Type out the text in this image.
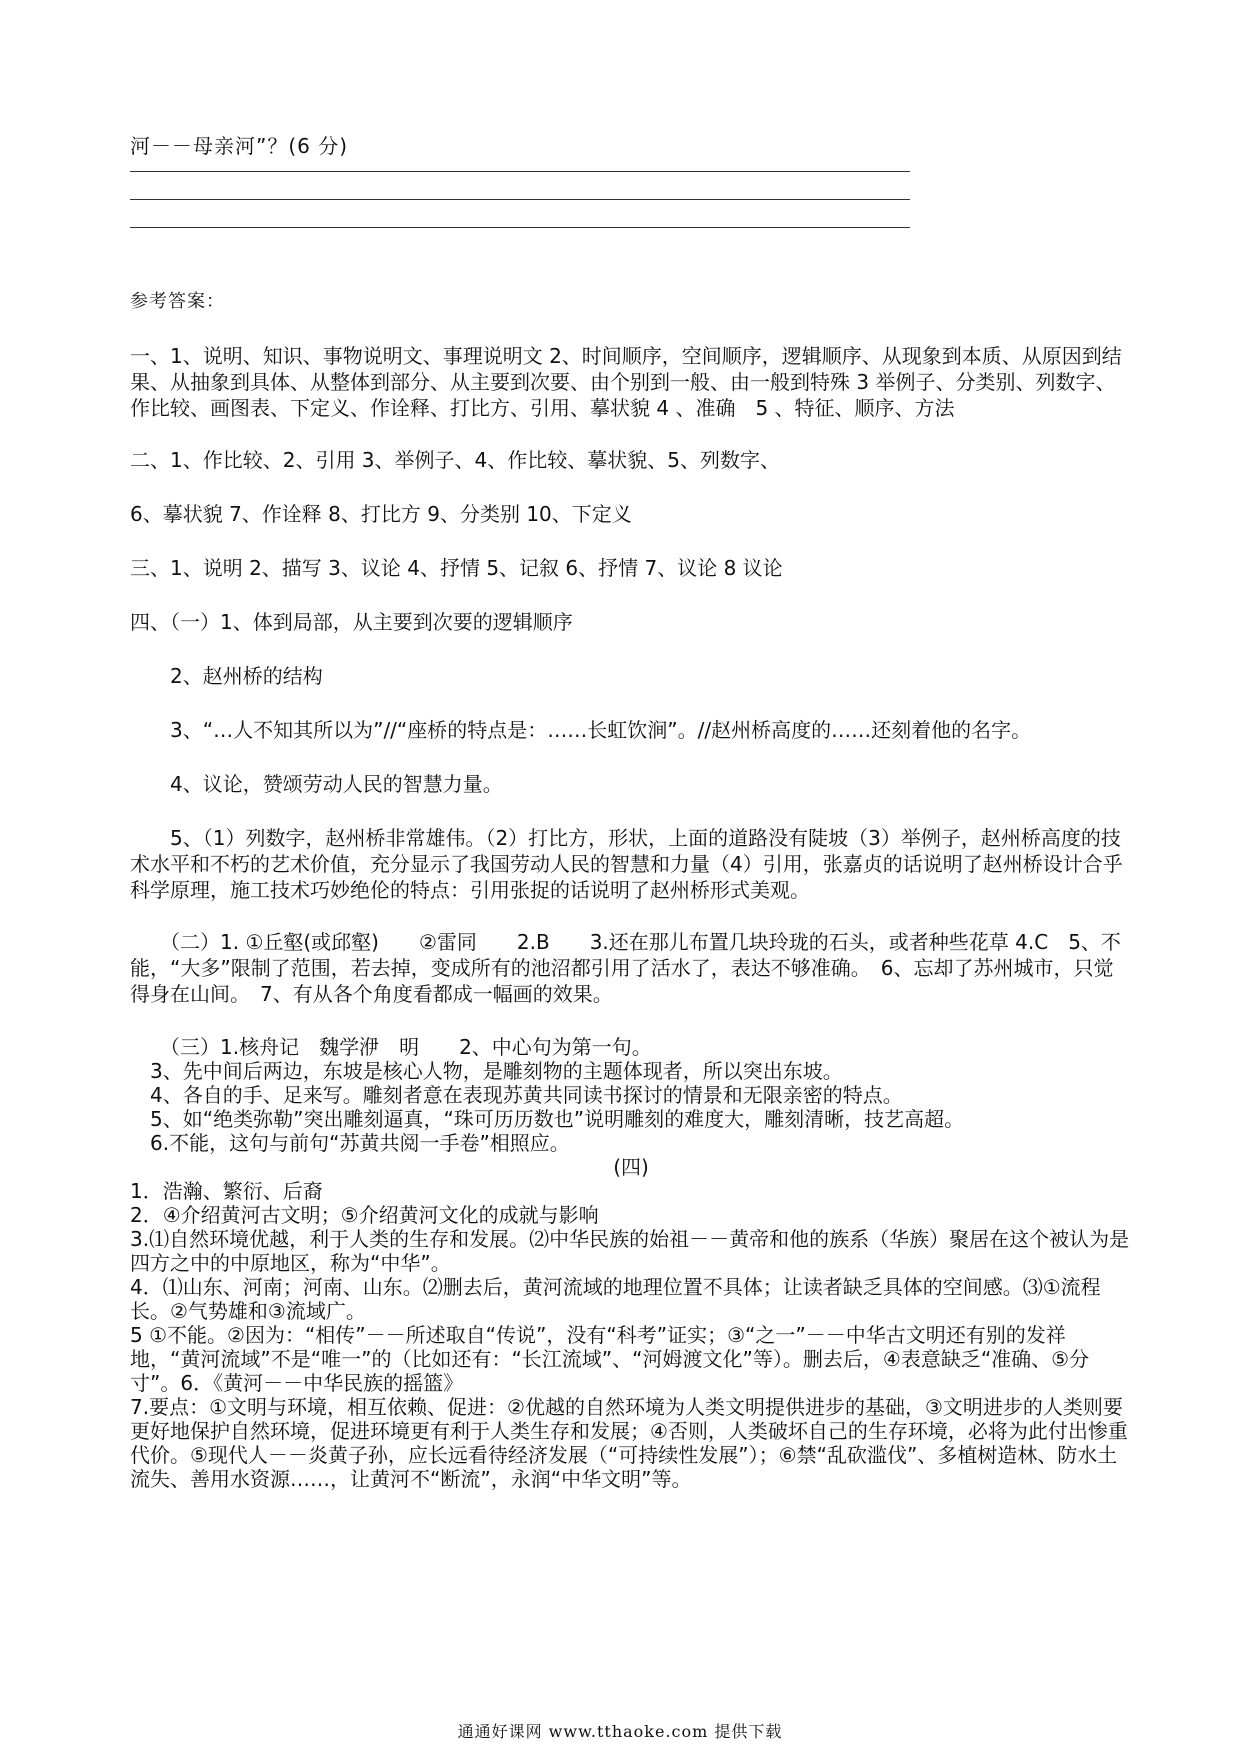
河－－母亲河”？(6 分)
参考答案：

一、1、说明、知识、事物说明文、事理说明文 2、时间顺序，空间顺序，逻辑顺序、从现象到本质、从原因到结果、从抽象到具体、从整体到部分、从主要到次要、由个别到一般、由一般到特殊 3 举例子、分类别、列数字、作比较、画图表、下定义、作诠释、打比方、引用、摹状貌 4 、准确　5 、特征、顺序、方法

二、1、作比较、2、引用 3、举例子、4、作比较、摹状貌、5、列数字、

6、摹状貌 7、作诠释 8、打比方 9、分类别 10、下定义

三、1、说明 2、描写 3、议论 4、抒情 5、记叙 6、抒情 7、议论 8 议论

四、（一）1、体到局部，从主要到次要的逻辑顺序

2、赵州桥的结构

3、“…人不知其所以为”//“座桥的特点是：……长虹饮涧”。//赵州桥高度的……还刻着他的名字。

4、议论，赞颂劳动人民的智慧力量。

　　5、（1）列数字，赵州桥非常雄伟。（2）打比方，形状，上面的道路没有陡坡（3）举例子，赵州桥高度的技术水平和不朽的艺术价值，充分显示了我国劳动人民的智慧和力量（4）引用，张嘉贞的话说明了赵州桥设计合乎科学原理，施工技术巧妙绝伦的特点：引用张捉的话说明了赵州桥形式美观。

　　（二）1. ①丘壑(或邱壑)　　②雷同　　2.B　　3.还在那儿布置几块玲珑的石头，或者种些花草 4.C　5、不能，“大多”限制了范围，若去掉，变成所有的池沼都引用了活水了，表达不够准确。　6、忘却了苏州城市，只觉得身在山间。　7、有从各个角度看都成一幅画的效果。

　　（三）1.核舟记　魏学洢　明　　2、中心句为第一句。
　3、先中间后两边，东坡是核心人物，是雕刻物的主题体现者，所以突出东坡。
　4、各自的手、足来写。雕刻者意在表现苏黄共同读书探讨的情景和无限亲密的特点。
　5、如“绝类弥勒”突出雕刻逼真，“珠可历历数也”说明雕刻的难度大，雕刻清晰，技艺高超。
　6.不能，这句与前句“苏黄共阅一手卷”相照应。

(四)

1．浩瀚、繁衍、后裔
2．④介绍黄河古文明；⑤介绍黄河文化的成就与影响
3.⑴自然环境优越，利于人类的生存和发展。⑵中华民族的始祖－－黄帝和他的族系（华族）聚居在这个被认为是四方之中的中原地区，称为“中华”。
4．⑴山东、河南；河南、山东。⑵删去后，黄河流域的地理位置不具体；让读者缺乏具体的空间感。⑶①流程长。②气势雄和③流域广。
5 ①不能。②因为：“相传”－－所述取自“传说”，没有“科考”证实；③“之一”－－中华古文明还有别的发祥地，“黄河流域”不是“唯一”的（比如还有：“长江流域”、“河姆渡文化”等）。删去后，④表意缺乏“准确、⑤分寸”。6．《黄河－－中华民族的摇篮》
7.要点：①文明与环境，相互依赖、促进：②优越的自然环境为人类文明提供进步的基础，③文明进步的人类则要更好地保护自然环境，促进环境更有利于人类生存和发展；④否则，人类破坏自己的生存环境，必将为此付出惨重代价。⑤现代人－－炎黄子孙，应长远看待经济发展（“可持续性发展”）；⑥禁“乱砍滥伐”、多植树造林、防水土流失、善用水资源……，让黄河不“断流”，永润“中华文明”等。

通通好课网 www.tthaoke.com 提供下载
